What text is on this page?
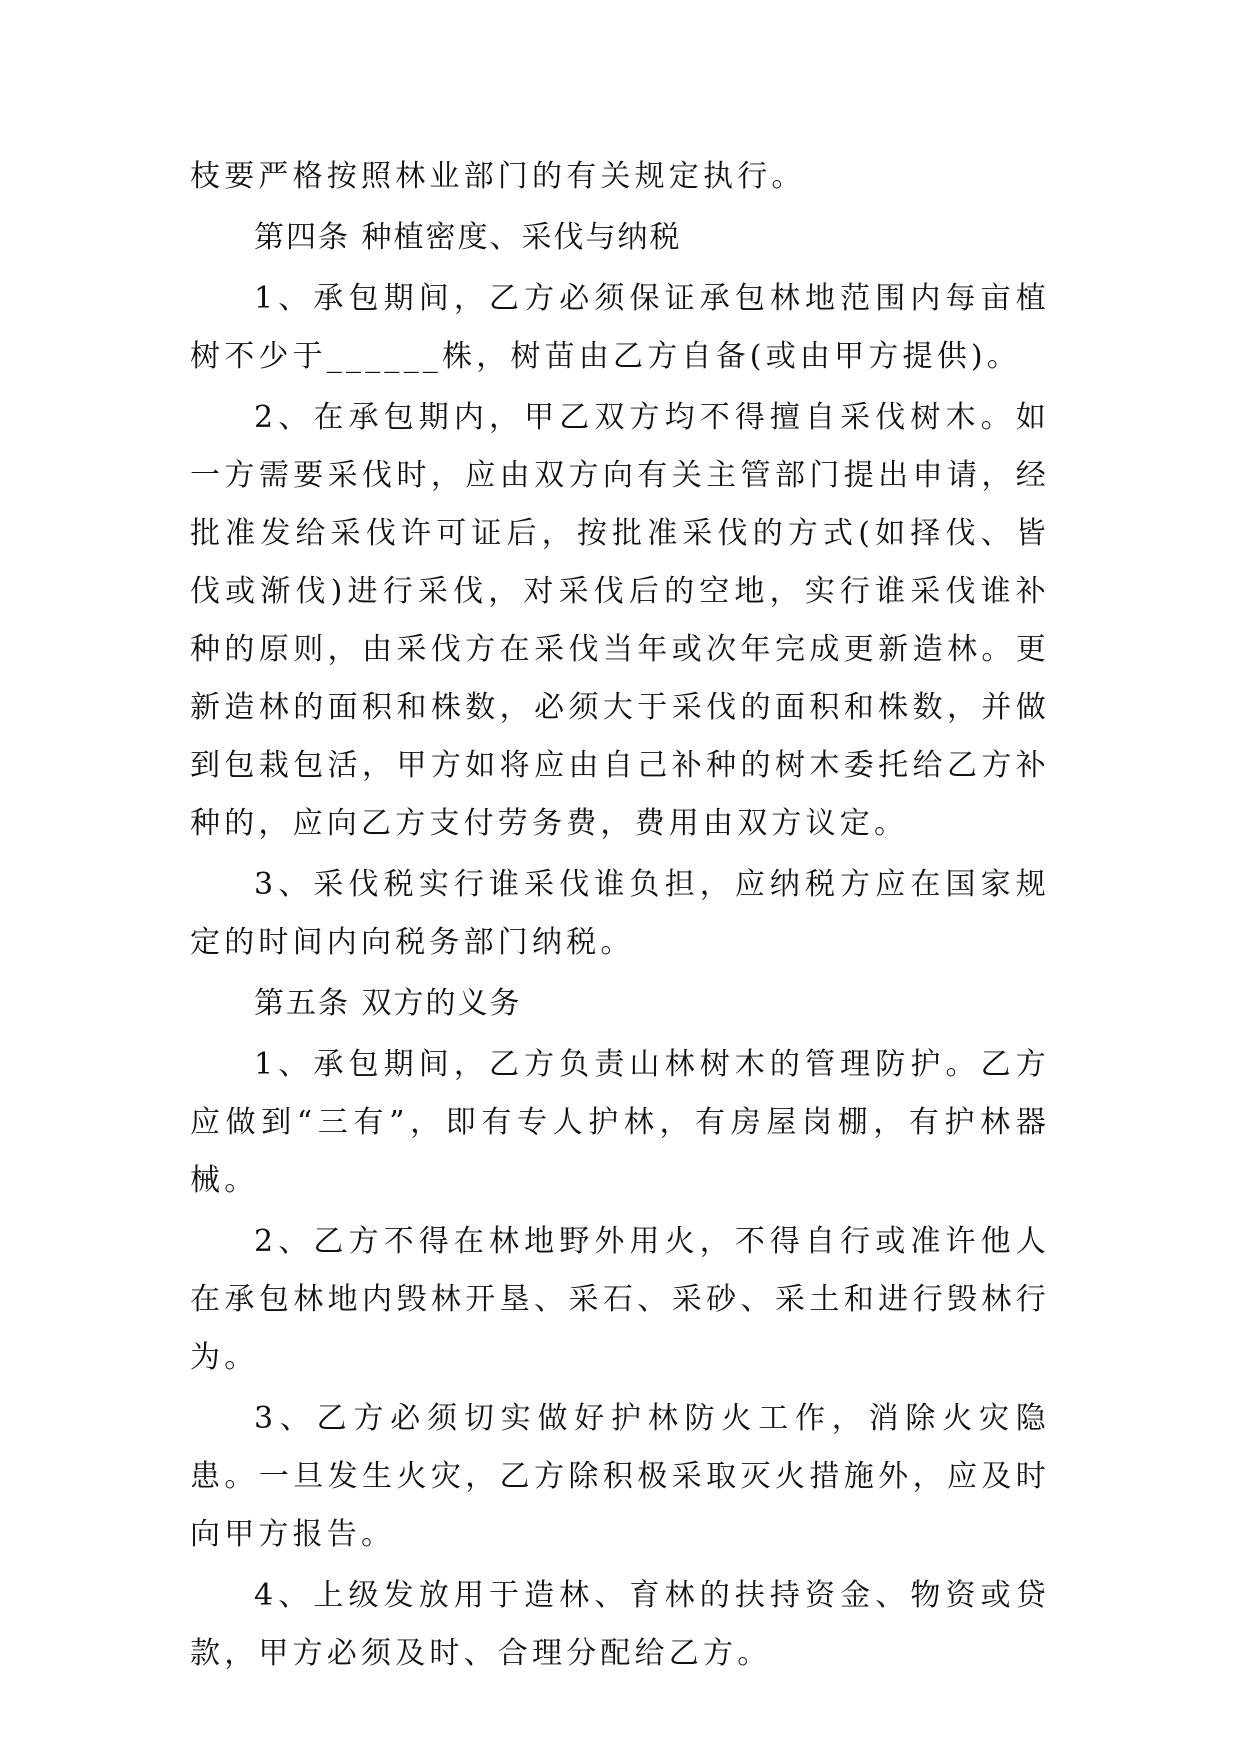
枝要严格按照林业部门的有关规定执行。

第四条 种植密度、采伐与纳税

1、承包期间，乙方必须保证承包林地范围内每亩植树不少于______株，树苗由乙方自备(或由甲方提供)。

2、在承包期内，甲乙双方均不得擅自采伐树木。如一方需要采伐时，应由双方向有关主管部门提出申请，经批准发给采伐许可证后，按批准采伐的方式(如择伐、皆伐或渐伐)进行采伐，对采伐后的空地，实行谁采伐谁补种的原则，由采伐方在采伐当年或次年完成更新造林。更新造林的面积和株数，必须大于采伐的面积和株数，并做到包栽包活，甲方如将应由自己补种的树木委托给乙方补种的，应向乙方支付劳务费，费用由双方议定。

3、采伐税实行谁采伐谁负担，应纳税方应在国家规定的时间内向税务部门纳税。

第五条 双方的义务

1、承包期间，乙方负责山林树木的管理防护。乙方应做到“三有”，即有专人护林，有房屋岗棚，有护林器械。

2、乙方不得在林地野外用火，不得自行或准许他人在承包林地内毁林开垦、采石、采砂、采土和进行毁林行为。

3、乙方必须切实做好护林防火工作，消除火灾隐患。一旦发生火灾，乙方除积极采取灭火措施外，应及时向甲方报告。

4、上级发放用于造林、育林的扶持资金、物资或贷款，甲方必须及时、合理分配给乙方。
